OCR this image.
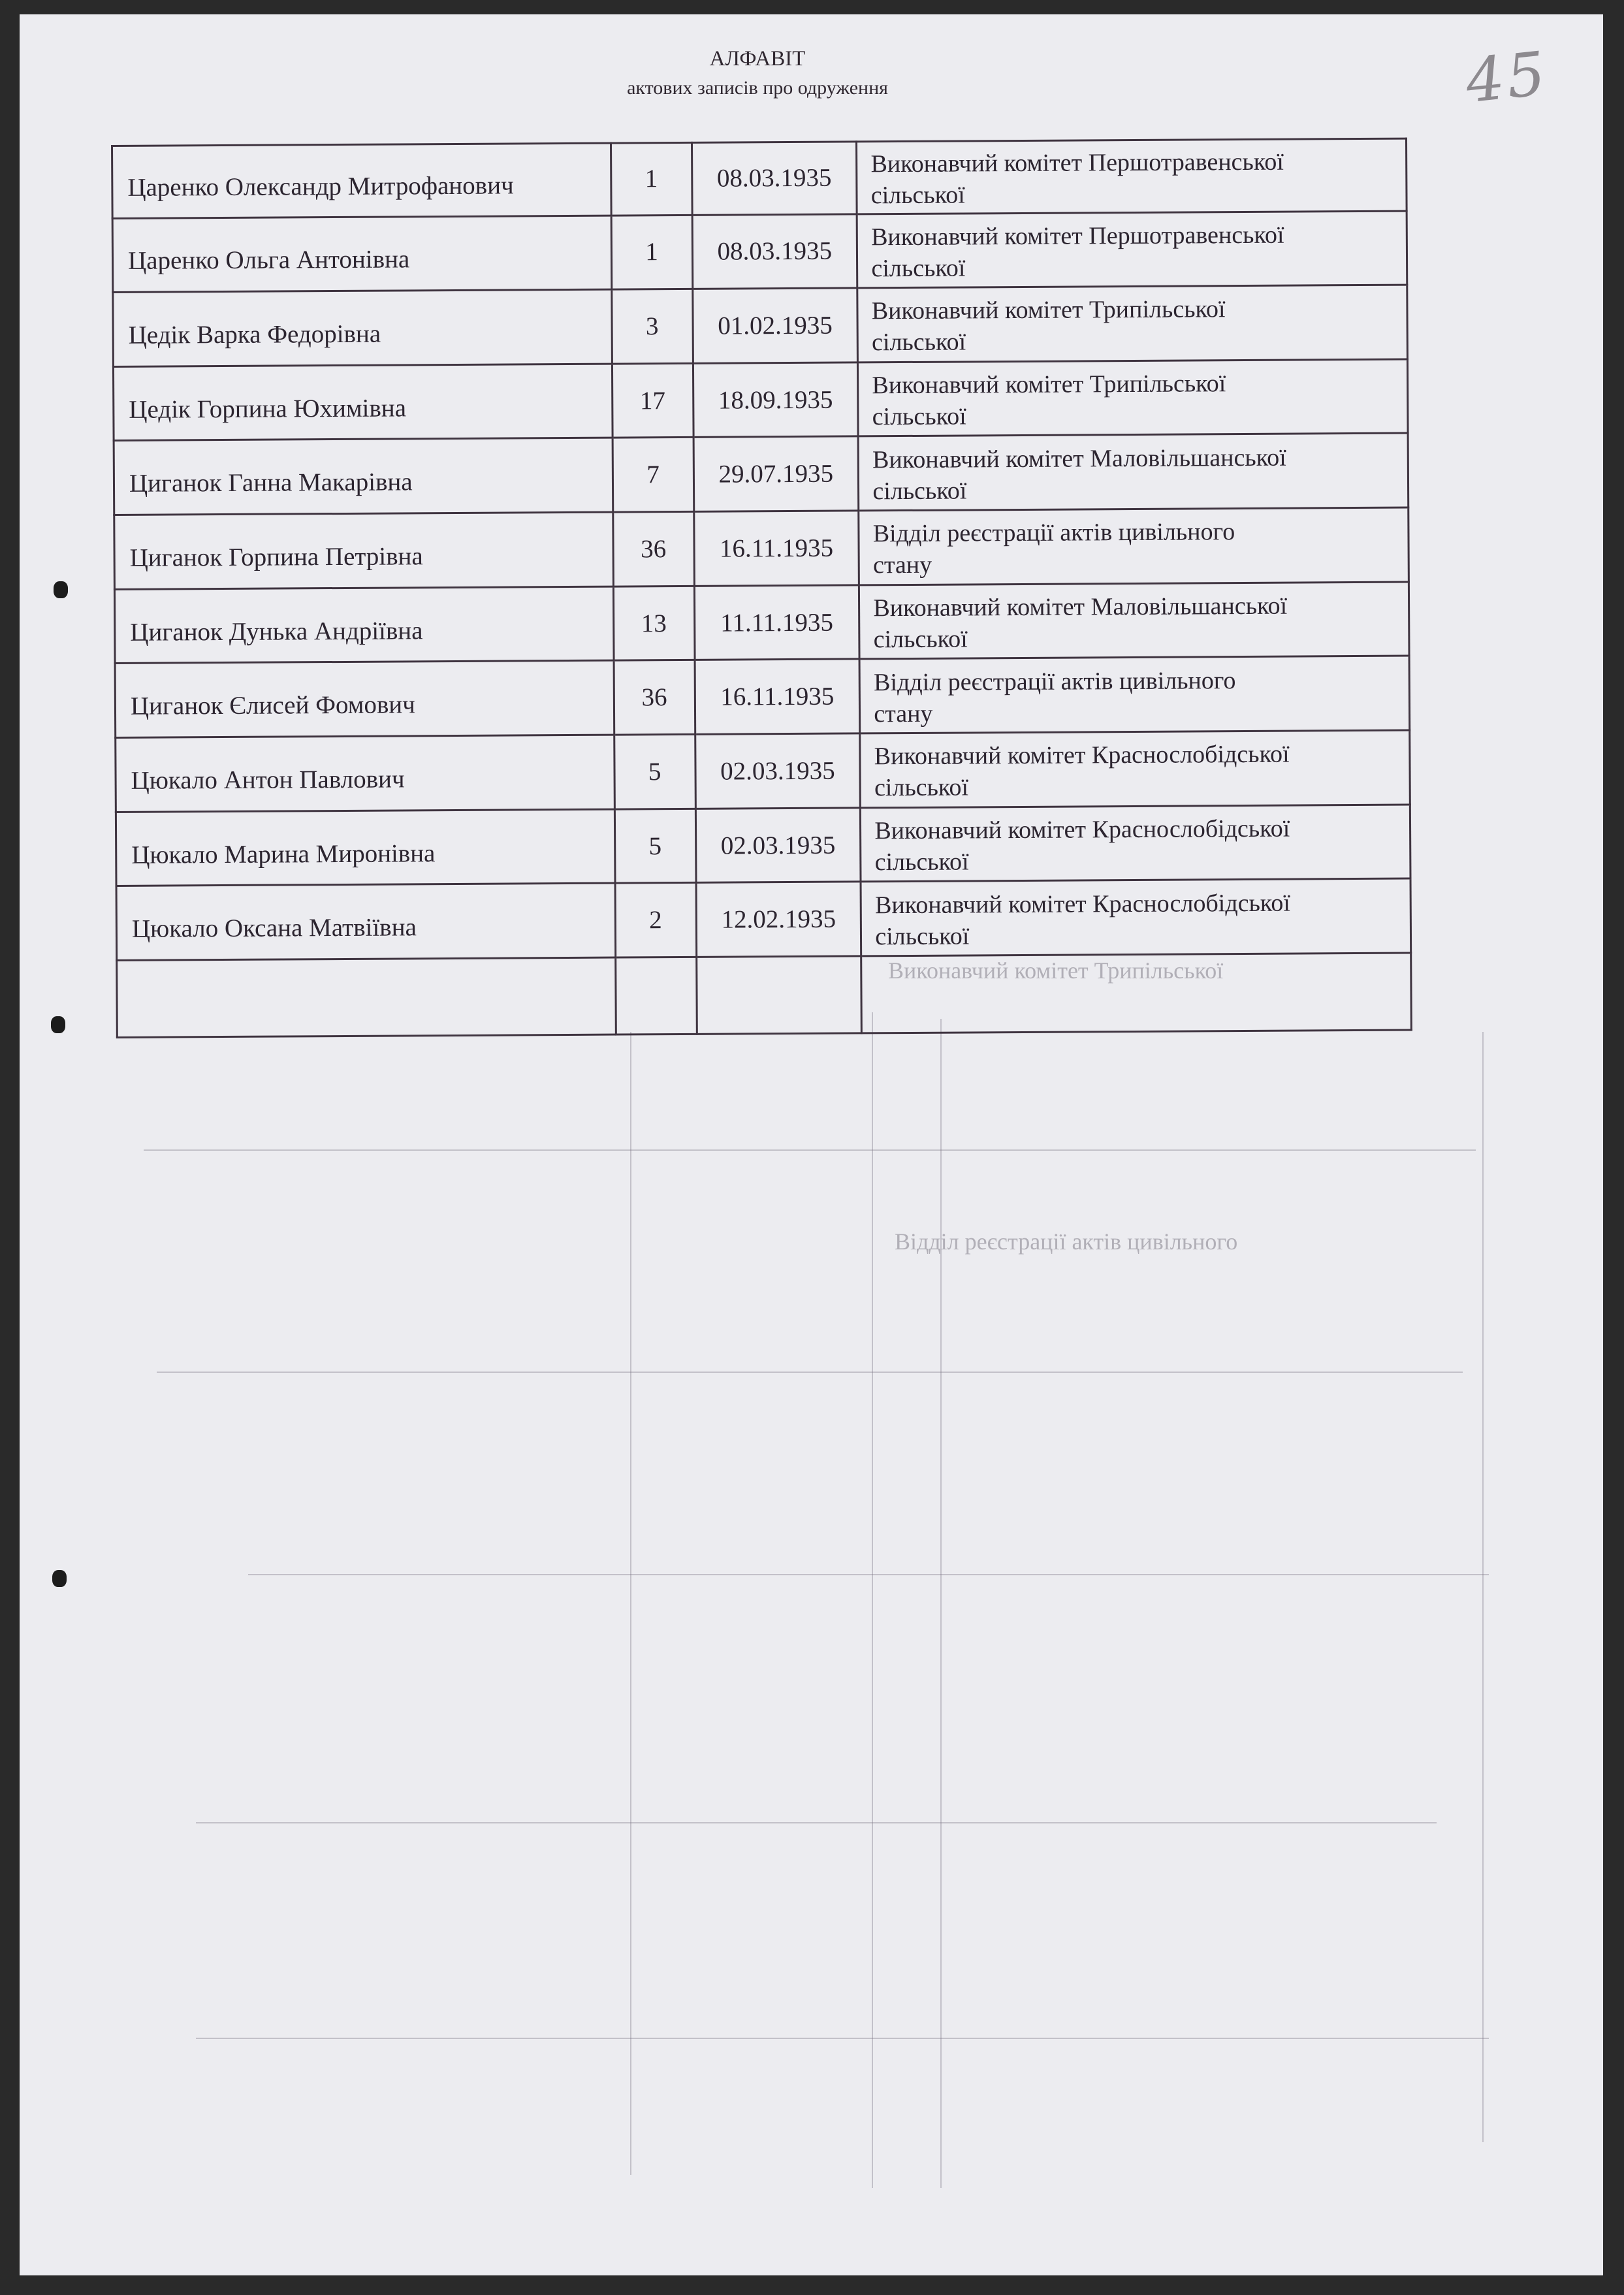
Виконавчий комітет Трипільської
Відділ реєстрації актів цивільного
45
АЛФАВІТ
актових записів про одруження
Царенко Олександр Митрофанович	1	08.03.1935	Виконавчий комітет Першотравенської
сільської

Царенко Ольга Антонівна	1	08.03.1935	Виконавчий комітет Першотравенської
сільської

Цедік Варка Федорівна	3	01.02.1935	Виконавчий комітет Трипільської
сільської

Цедік Горпина Юхимівна	17	18.09.1935	Виконавчий комітет Трипільської
сільської

Циганок Ганна Макарівна	7	29.07.1935	Виконавчий комітет Маловільшанської
сільської

Циганок Горпина Петрівна	36	16.11.1935	Відділ реєстрації актів цивільного
стану

Циганок Дунька Андріївна	13	11.11.1935	Виконавчий комітет Маловільшанської
сільської

Циганок Єлисей Фомович	36	16.11.1935	Відділ реєстрації актів цивільного
стану

Цюкало Антон Павлович	5	02.03.1935	Виконавчий комітет Краснослобідської
сільської

Цюкало Марина Миронівна	5	02.03.1935	Виконавчий комітет Краснослобідської
сільської

Цюкало Оксана Матвіївна	2	12.02.1935	Виконавчий комітет Краснослобідської
сільської
